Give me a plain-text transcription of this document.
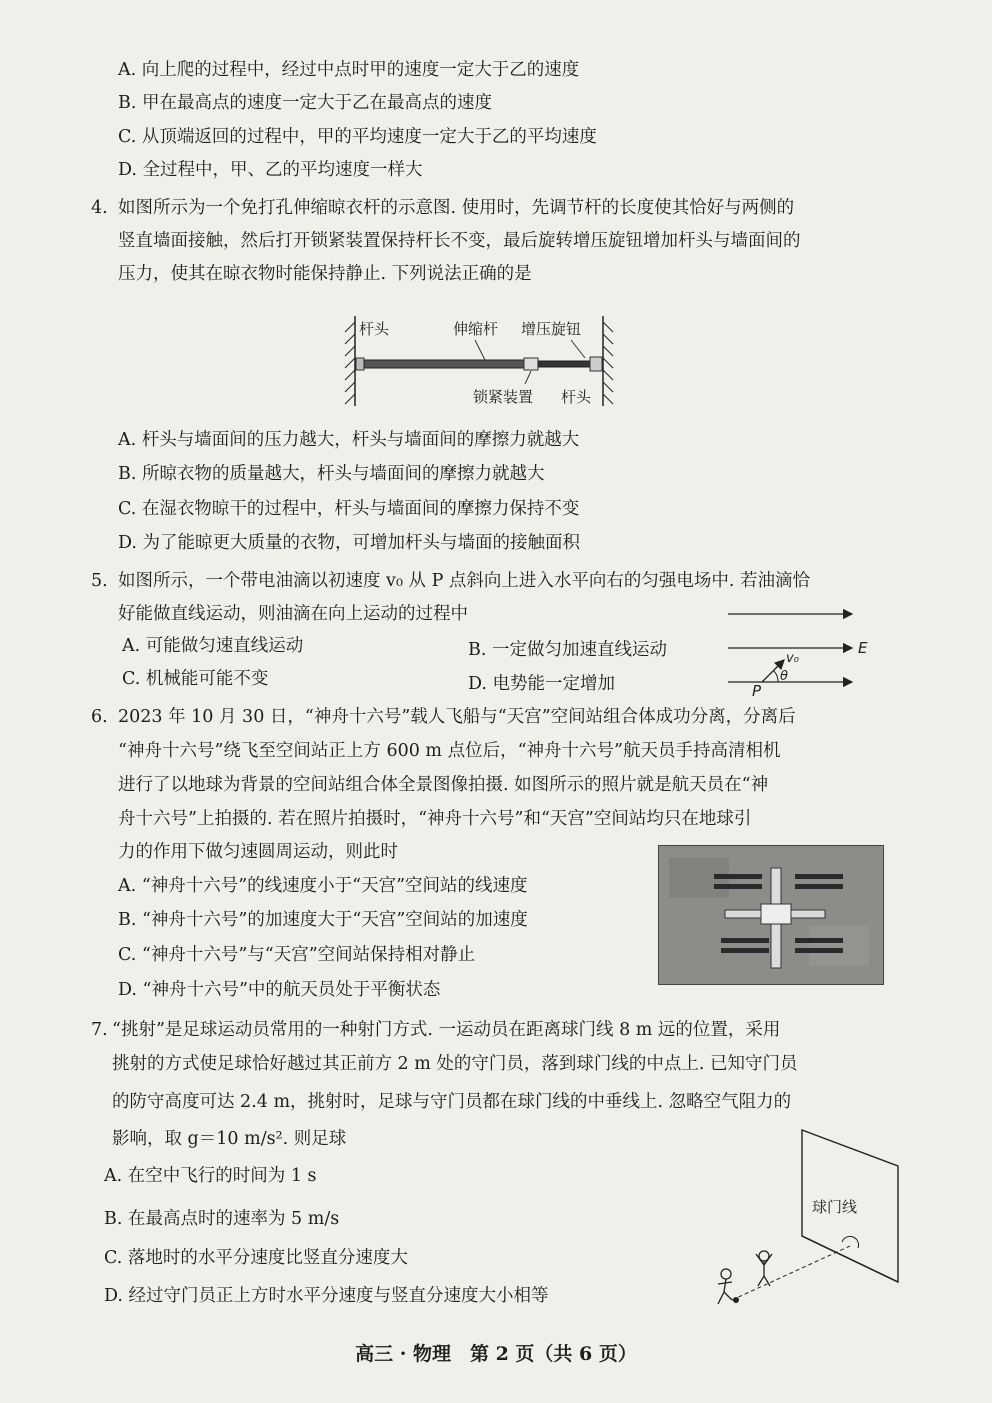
A. 向上爬的过程中，经过中点时甲的速度一定大于乙的速度
B. 甲在最高点的速度一定大于乙在最高点的速度
C. 从顶端返回的过程中，甲的平均速度一定大于乙的平均速度
D. 全过程中，甲、乙的平均速度一样大
4. 如图所示为一个免打孔伸缩晾衣杆的示意图. 使用时，先调节杆的长度使其恰好与两侧的
竖直墙面接触，然后打开锁紧装置保持杆长不变，最后旋转增压旋钮增加杆头与墙面间的
压力，使其在晾衣物时能保持静止. 下列说法正确的是
杆头	伸缩杆 增压旋钮
锁紧装置 杆头
A. 杆头与墙面间的压力越大，杆头与墙面间的摩擦力就越大
B. 所晾衣物的质量越大，杆头与墙面间的摩擦力就越大
C. 在湿衣物晾干的过程中，杆头与墙面间的摩擦力保持不变
D. 为了能晾更大质量的衣物，可增加杆头与墙面的接触面积
5. 如图所示，一个带电油滴以初速度 v₀ 从 P 点斜向上进入水平向右的匀强电场中. 若油滴恰
好能做直线运动，则油滴在向上运动的过程中
A. 可能做匀速直线运动	B. 一定做匀加速直线运动
C. 机械能可能不变	D. 电势能一定增加
E
v₀
θ
P
6. 2023 年 10 月 30 日，“神舟十六号”载人飞船与“天宫”空间站组合体成功分离，分离后
“神舟十六号”绕飞至空间站正上方 600 m 点位后，“神舟十六号”航天员手持高清相机
进行了以地球为背景的空间站组合体全景图像拍摄. 如图所示的照片就是航天员在“神
舟十六号”上拍摄的. 若在照片拍摄时，“神舟十六号”和“天宫”空间站均只在地球引
力的作用下做匀速圆周运动，则此时
A. “神舟十六号”的线速度小于“天宫”空间站的线速度
B. “神舟十六号”的加速度大于“天宫”空间站的加速度
C. “神舟十六号”与“天宫”空间站保持相对静止
D. “神舟十六号”中的航天员处于平衡状态
7. “挑射”是足球运动员常用的一种射门方式. 一运动员在距离球门线 8 m 远的位置，采用
挑射的方式使足球恰好越过其正前方 2 m 处的守门员，落到球门线的中点上. 已知守门员
的防守高度可达 2.4 m，挑射时，足球与守门员都在球门线的中垂线上. 忽略空气阻力的
影响，取 g＝10 m/s². 则足球
A. 在空中飞行的时间为 1 s
B. 在最高点时的速率为 5 m/s
C. 落地时的水平分速度比竖直分速度大
D. 经过守门员正上方时水平分速度与竖直分速度大小相等
球门线
高三 · 物理　第 2 页（共 6 页）
